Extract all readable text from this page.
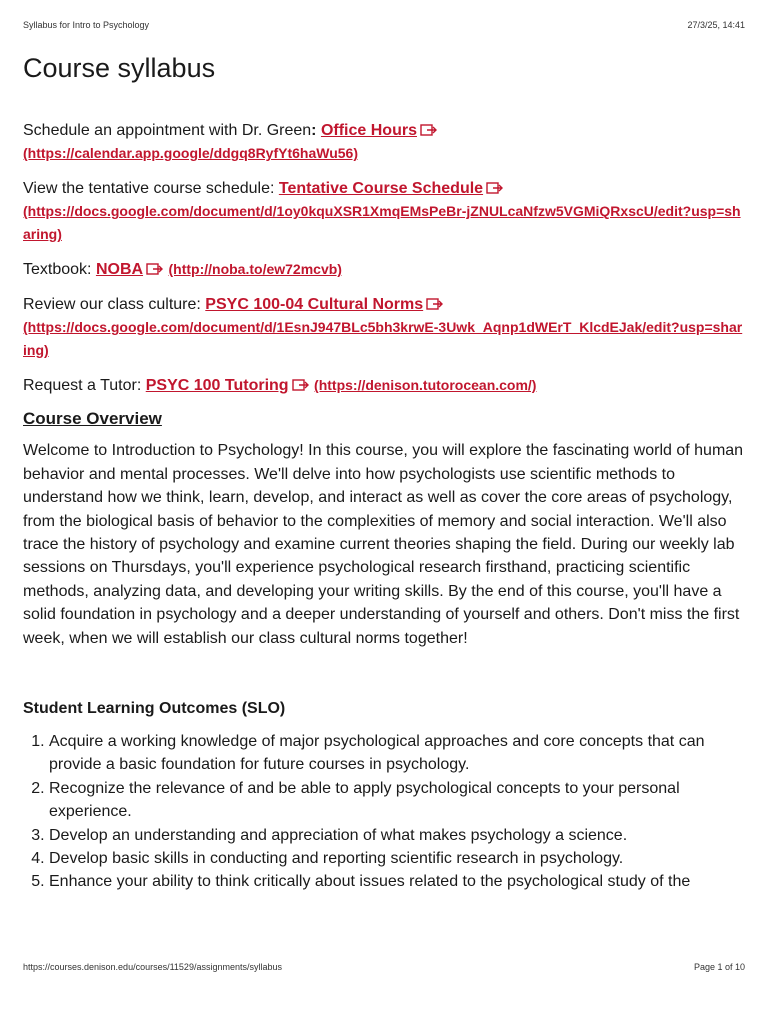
Syllabus for Intro to Psychology	27/3/25, 14:41
Course syllabus
Schedule an appointment with Dr. Green: Office Hours
(https://calendar.app.google/ddgq8RyfYt6haWu56)
View the tentative course schedule: Tentative Course Schedule
(https://docs.google.com/document/d/1oy0kquXSR1XmqEMsPeBr-jZNULcaNfzw5VGMiQRxscU/edit?usp=sharing)
Textbook: NOBA (http://noba.to/ew72mcvb)
Review our class culture: PSYC 100-04 Cultural Norms
(https://docs.google.com/document/d/1EsnJ947BLc5bh3krwE-3Uwk_Aqnp1dWErT_KlcdEJak/edit?usp=sharing)
Request a Tutor: PSYC 100 Tutoring (https://denison.tutorocean.com/)
Course Overview

Welcome to Introduction to Psychology! In this course, you will explore the fascinating world of human behavior and mental processes. We'll delve into how psychologists use scientific methods to understand how we think, learn, develop, and interact as well as cover the core areas of psychology, from the biological basis of behavior to the complexities of memory and social interaction. We'll also trace the history of psychology and examine current theories shaping the field. During our weekly lab sessions on Thursdays, you'll experience psychological research firsthand, practicing scientific methods, analyzing data, and developing your writing skills. By the end of this course, you'll have a solid foundation in psychology and a deeper understanding of yourself and others. Don't miss the first week, when we will establish our class cultural norms together!

Student Learning Outcomes (SLO)
1. Acquire a working knowledge of major psychological approaches and core concepts that can provide a basic foundation for future courses in psychology.
2. Recognize the relevance of and be able to apply psychological concepts to your personal experience.
3. Develop an understanding and appreciation of what makes psychology a science.
4. Develop basic skills in conducting and reporting scientific research in psychology.
5. Enhance your ability to think critically about issues related to the psychological study of the
https://courses.denison.edu/courses/11529/assignments/syllabus	Page 1 of 10
